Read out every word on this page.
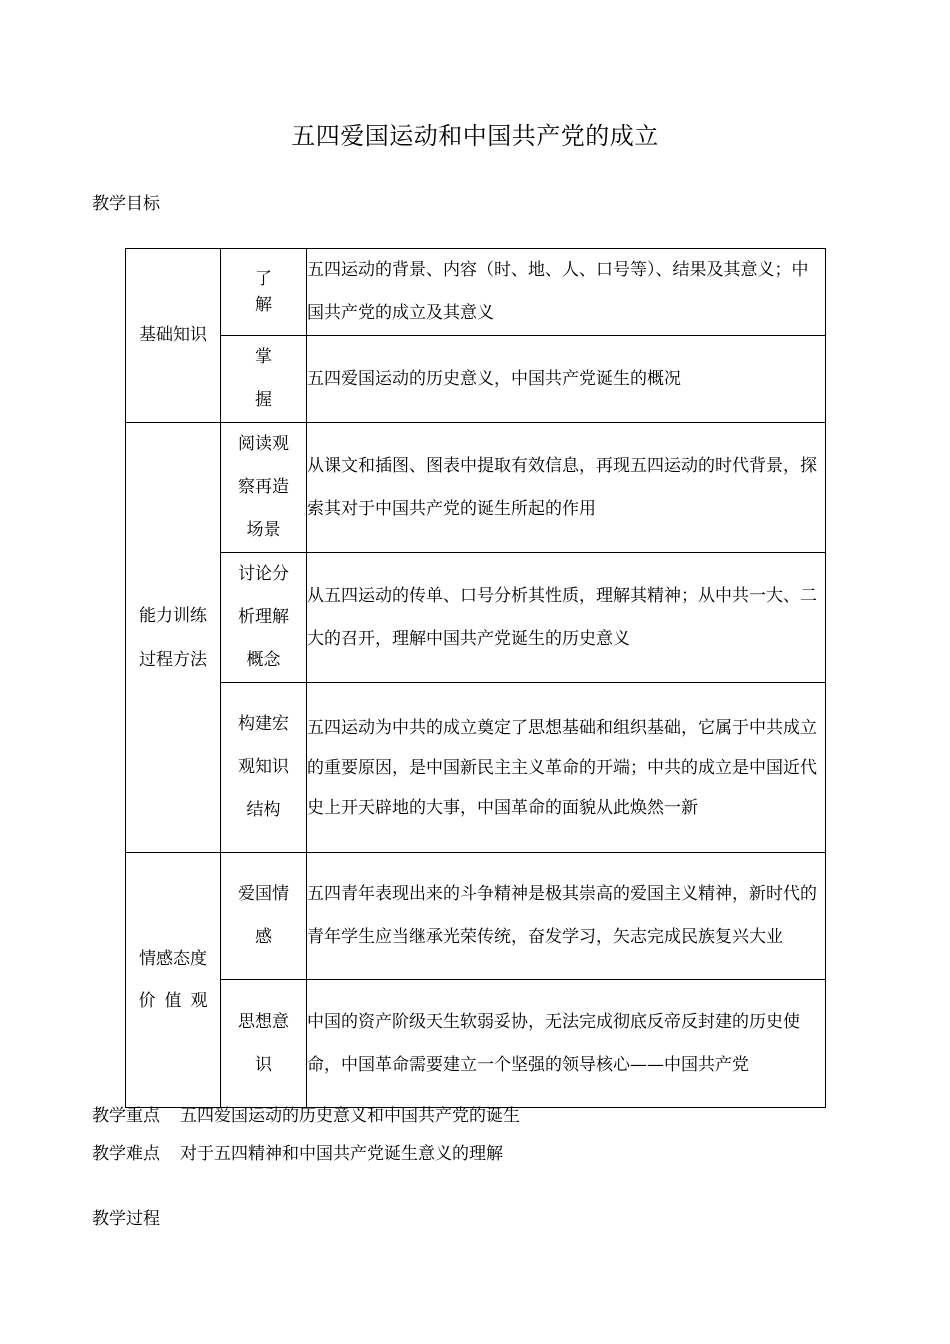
五四爱国运动和中国共产党的成立
教学目标
基础知识	了
解	五四运动的背景、内容（时、地、人、口号等）、结果及其意义；中国共产党的成立及其意义

	掌
握	五四爱国运动的历史意义，中国共产党诞生的概况

能力训练
过程方法	阅读观
察再造
场景	从课文和插图、图表中提取有效信息，再现五四运动的时代背景，探索其对于中国共产党的诞生所起的作用

	讨论分
析理解
概念	从五四运动的传单、口号分析其性质，理解其精神；从中共一大、二大的召开，理解中国共产党诞生的历史意义

	构建宏
观知识
结构	五四运动为中共的成立奠定了思想基础和组织基础，它属于中共成立的重要原因，是中国新民主主义革命的开端；中共的成立是中国近代史上开天辟地的大事，中国革命的面貌从此焕然一新

情感态度
价值观	爱国情
感	五四青年表现出来的斗争精神是极其崇高的爱国主义精神，新时代的青年学生应当继承光荣传统，奋发学习，矢志完成民族复兴大业

	思想意
识	中国的资产阶级天生软弱妥协，无法完成彻底反帝反封建的历史使命，中国革命需要建立一个坚强的领导核心——中国共产党
教学重点 五四爱国运动的历史意义和中国共产党的诞生
教学难点 对于五四精神和中国共产党诞生意义的理解
教学过程
